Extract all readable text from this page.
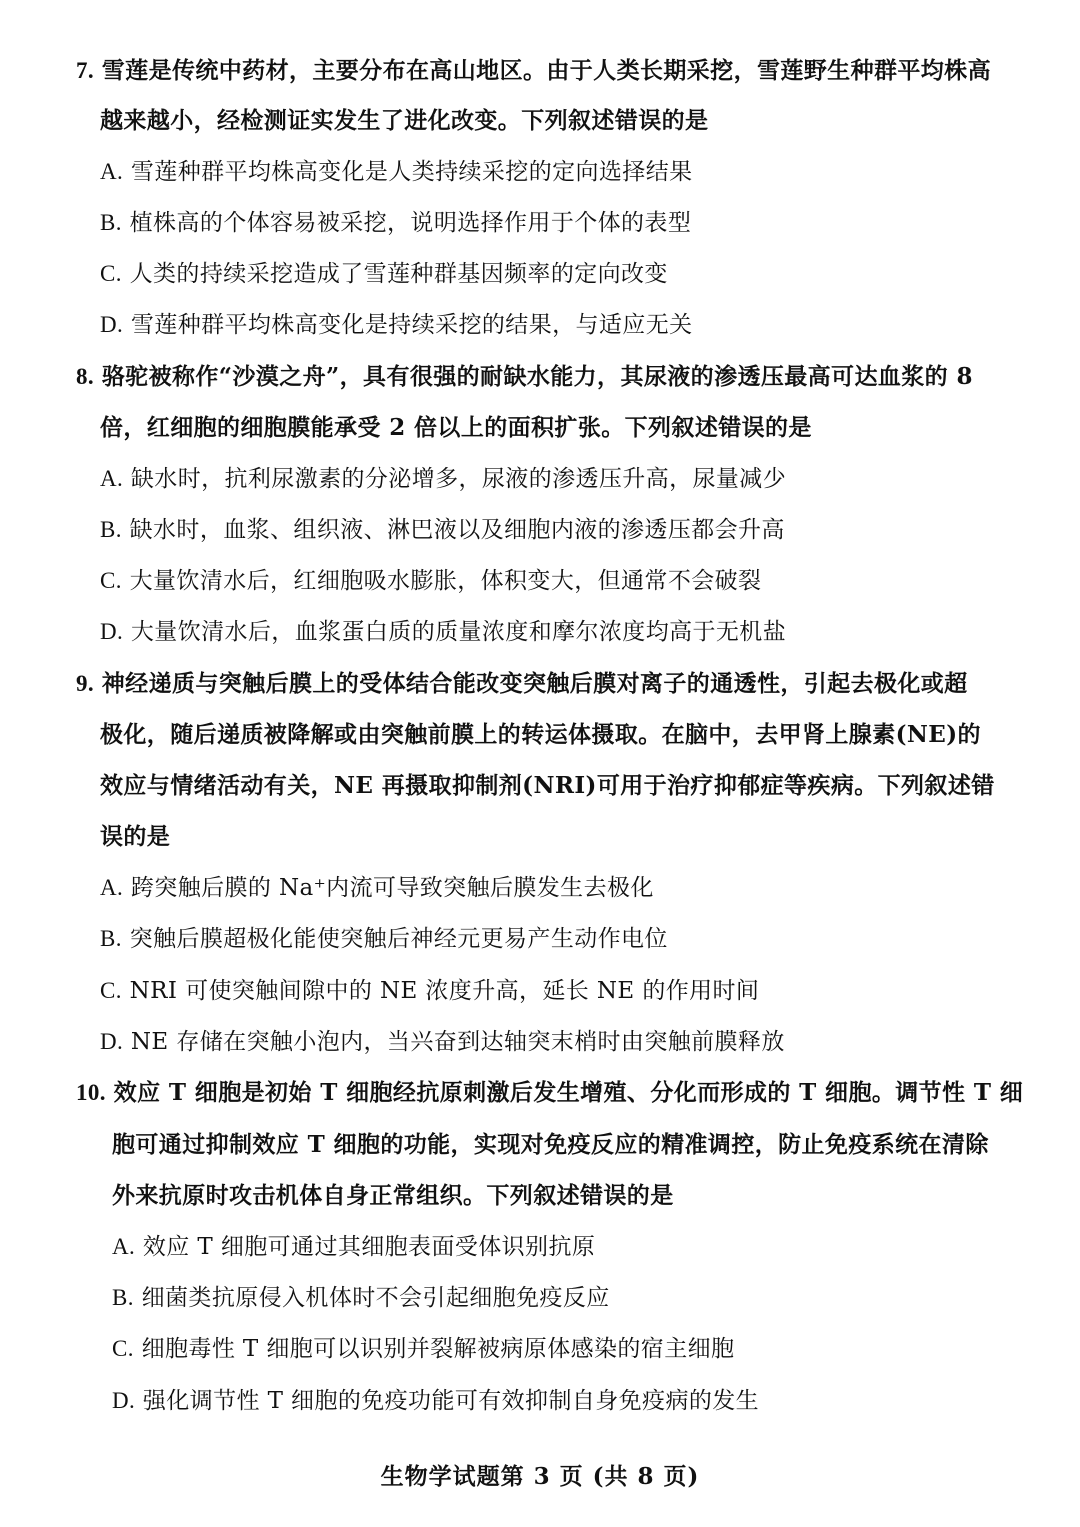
7. 雪莲是传统中药材，主要分布在高山地区。由于人类长期采挖，雪莲野生种群平均株高
越来越小，经检测证实发生了进化改变。下列叙述错误的是
A. 雪莲种群平均株高变化是人类持续采挖的定向选择结果
B. 植株高的个体容易被采挖，说明选择作用于个体的表型
C. 人类的持续采挖造成了雪莲种群基因频率的定向改变
D. 雪莲种群平均株高变化是持续采挖的结果，与适应无关
8. 骆驼被称作“沙漠之舟”，具有很强的耐缺水能力，其尿液的渗透压最高可达血浆的 8
倍，红细胞的细胞膜能承受 2 倍以上的面积扩张。下列叙述错误的是
A. 缺水时，抗利尿激素的分泌增多，尿液的渗透压升高，尿量减少
B. 缺水时，血浆、组织液、淋巴液以及细胞内液的渗透压都会升高
C. 大量饮清水后，红细胞吸水膨胀，体积变大，但通常不会破裂
D. 大量饮清水后，血浆蛋白质的质量浓度和摩尔浓度均高于无机盐
9. 神经递质与突触后膜上的受体结合能改变突触后膜对离子的通透性，引起去极化或超
极化，随后递质被降解或由突触前膜上的转运体摄取。在脑中，去甲肾上腺素(NE)的
效应与情绪活动有关，NE 再摄取抑制剂(NRI)可用于治疗抑郁症等疾病。下列叙述错
误的是
A. 跨突触后膜的 Na⁺内流可导致突触后膜发生去极化
B. 突触后膜超极化能使突触后神经元更易产生动作电位
C. NRI 可使突触间隙中的 NE 浓度升高，延长 NE 的作用时间
D. NE 存储在突触小泡内，当兴奋到达轴突末梢时由突触前膜释放
10. 效应 T 细胞是初始 T 细胞经抗原刺激后发生增殖、分化而形成的 T 细胞。调节性 T 细
胞可通过抑制效应 T 细胞的功能，实现对免疫反应的精准调控，防止免疫系统在清除
外来抗原时攻击机体自身正常组织。下列叙述错误的是
A. 效应 T 细胞可通过其细胞表面受体识别抗原
B. 细菌类抗原侵入机体时不会引起细胞免疫反应
C. 细胞毒性 T 细胞可以识别并裂解被病原体感染的宿主细胞
D. 强化调节性 T 细胞的免疫功能可有效抑制自身免疫病的发生
生物学试题第 3 页 (共 8 页)
